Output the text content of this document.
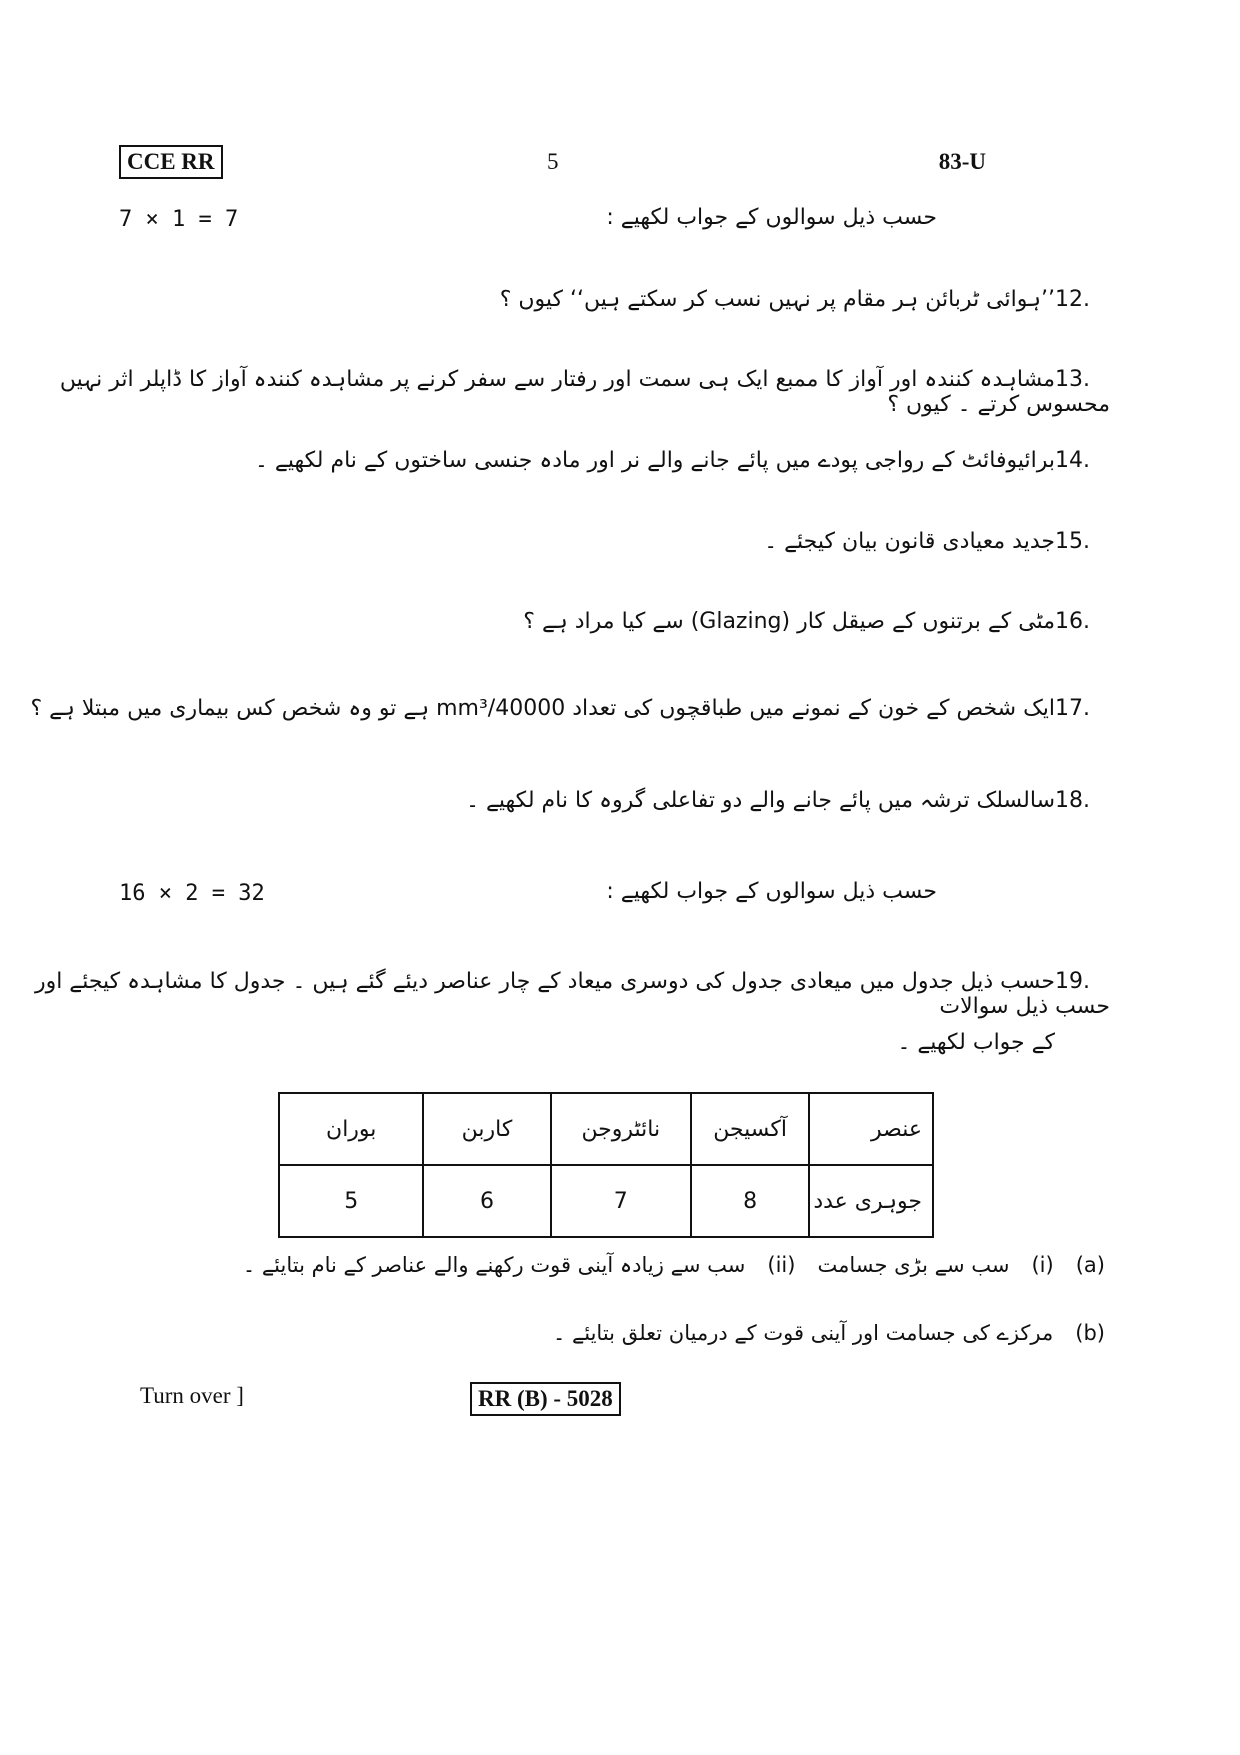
CCE RR	5	83-U
7 × 1 = 7	حسب ذیل سوالوں کے جواب لکھیے :
12.’’ہوائی ٹربائن ہر مقام پر نہیں نسب کر سکتے ہیں‘‘ کیوں ؟
13.مشاہدہ کنندہ اور آواز کا ممبع ایک ہی سمت اور رفتار سے سفر کرنے پر مشاہدہ کنندہ آواز کا ڈاپلر اثر نہیں محسوس کرتے ۔ کیوں ؟
14.برائیوفائٹ کے رواجی پودے میں پائے جانے والے نر اور مادہ جنسی ساختوں کے نام لکھیے ۔
15.جدید معیادی قانون بیان کیجئے ۔
16.مٹی کے برتنوں کے صیقل کار (Glazing) سے کیا مراد ہے ؟
17.ایک شخص کے خون کے نمونے میں طباقچوں کی تعداد 40000/mm³ ہے تو وہ شخص کس بیماری میں مبتلا ہے ؟
18.سالسلک ترشہ میں پائے جانے والے دو تفاعلی گروہ کا نام لکھیے ۔
16 × 2 = 32	حسب ذیل سوالوں کے جواب لکھیے :
19.حسب ذیل جدول میں میعادی جدول کی دوسری میعاد کے چار عناصر دیئے گئے ہیں ۔ جدول کا مشاہدہ کیجئے اور حسب ذیل سوالات
کے جواب لکھیے ۔
عنصر	آکسیجن	نائٹروجن	کاربن	بوران
جوہری عدد	8	7	6	5
(a)(i)سب سے بڑی جسامت(ii)سب سے زیادہ آینی قوت رکھنے والے عناصر کے نام بتایئے ۔
(b)مرکزے کی جسامت اور آینی قوت کے درمیان تعلق بتایئے ۔
Turn over ]	RR (B) - 5028
